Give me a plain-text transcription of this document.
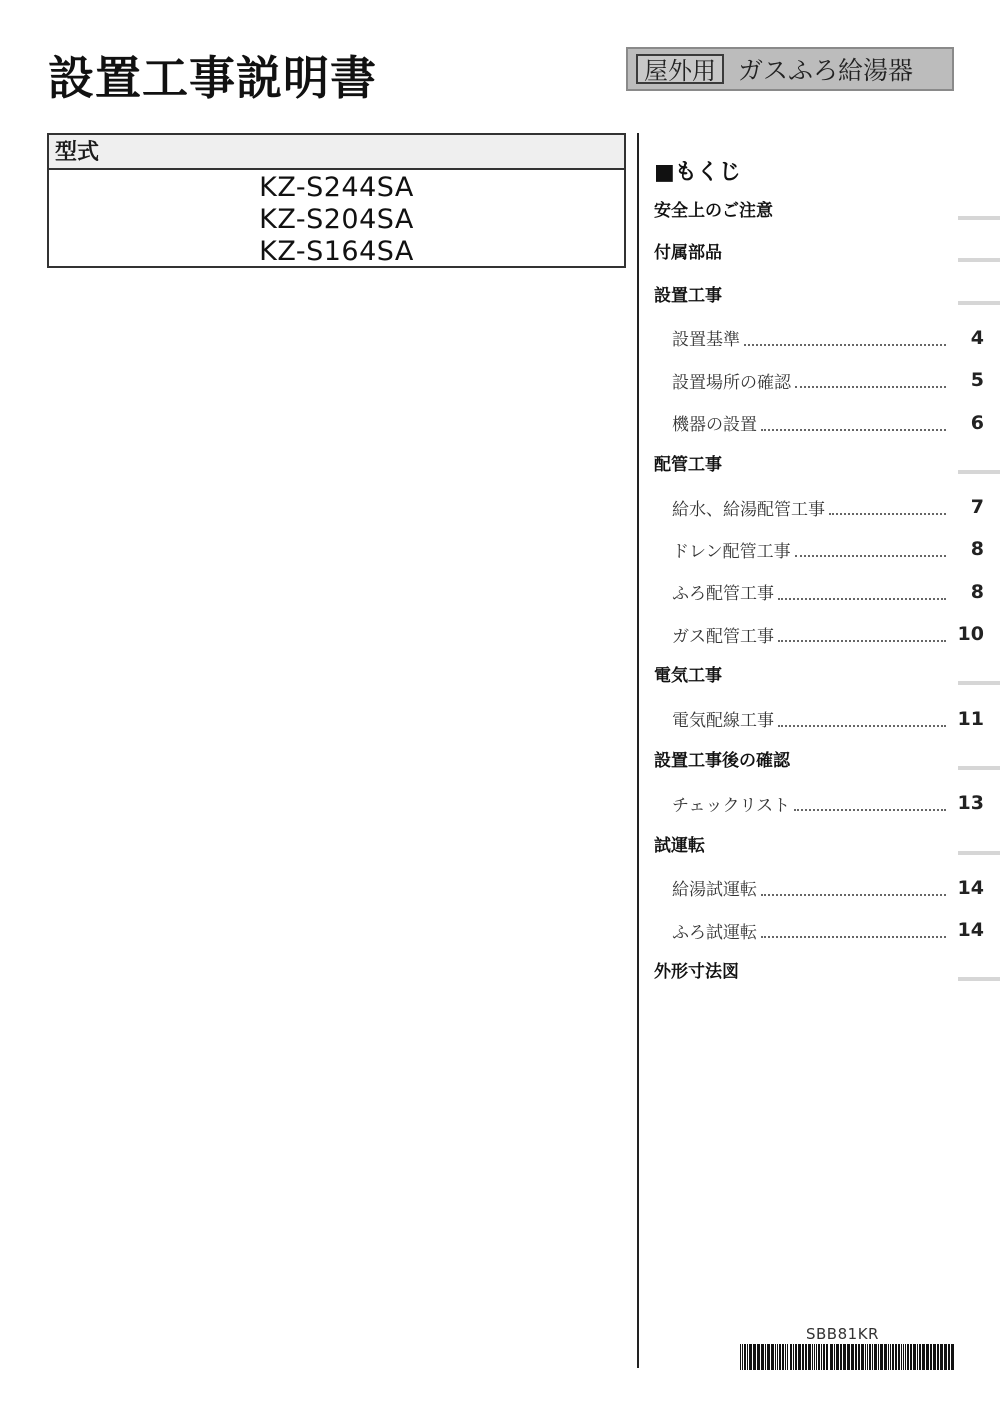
設置工事説明書	屋外用 ガスふろ給湯器
型式
KZ-S244SA
KZ-S204SA
KZ-S164SA
■もくじ
安全上のご注意
付属部品
設置工事
設置基準	4
設置場所の確認	5
機器の設置	6
配管工事
給水、給湯配管工事	7
ドレン配管工事	8
ふろ配管工事	8
ガス配管工事	10
電気工事
電気配線工事	11
設置工事後の確認
チェックリスト	13
試運転
給湯試運転	14
ふろ試運転	14
外形寸法図
SBB81KR
